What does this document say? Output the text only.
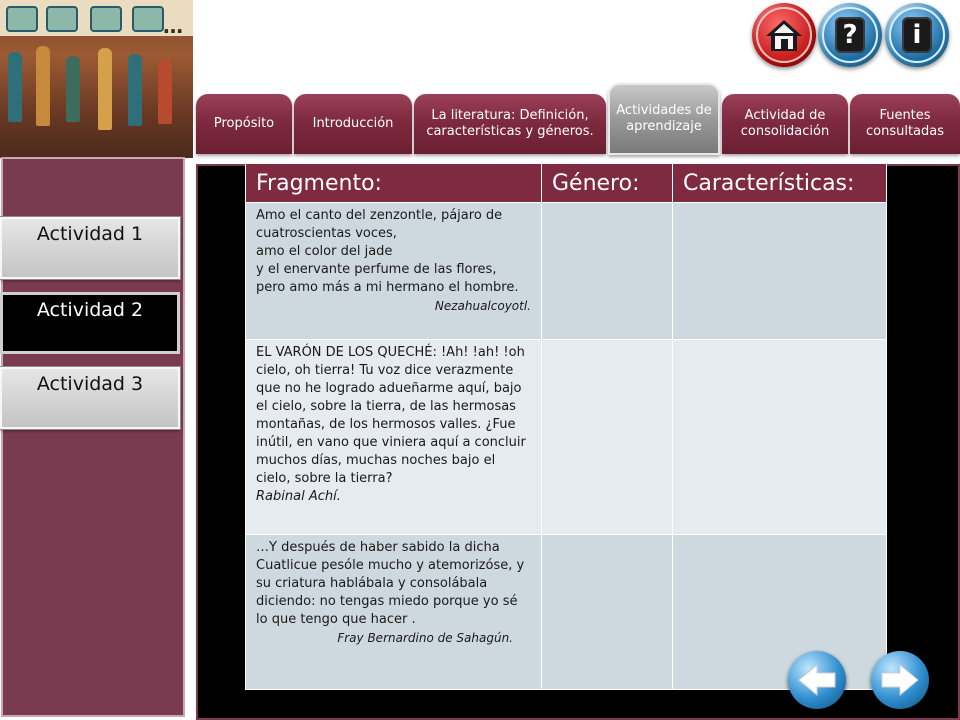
…	?	i
Propósito	Introducción
La literatura: Definición, características y géneros.
Actividades de aprendizaje
Actividad de consolidación
Fuentes consultadas
Actividad 1
Actividad 2
Actividad 3
Fragmento:	Género:	Características:

Amo el canto del zenzontle, pájaro de cuatroscientas voces,
amo el color del jade
y el enervante perfume de las flores,
pero amo más a mi hermano el hombre.
Nezahualcoyotl.		

EL VARÓN DE LOS QUECHÉ: !Ah! !ah! !oh cielo, oh tierra! Tu voz dice verazmente que no he logrado adueñarme aquí, bajo el cielo, sobre la tierra, de las hermosas montañas, de los hermosos valles. ¿Fue inútil, en vano que viniera aquí a concluir muchos días, muchas noches bajo el cielo, sobre la tierra?
Rabinal Achí.		

…Y después de haber sabido la dicha Cuatlicue pesóle mucho y atemorizóse, y su criatura hablábala y consolábala diciendo: no tengas miedo porque yo sé lo que tengo que hacer .
Fray Bernardino de Sahagún.		
